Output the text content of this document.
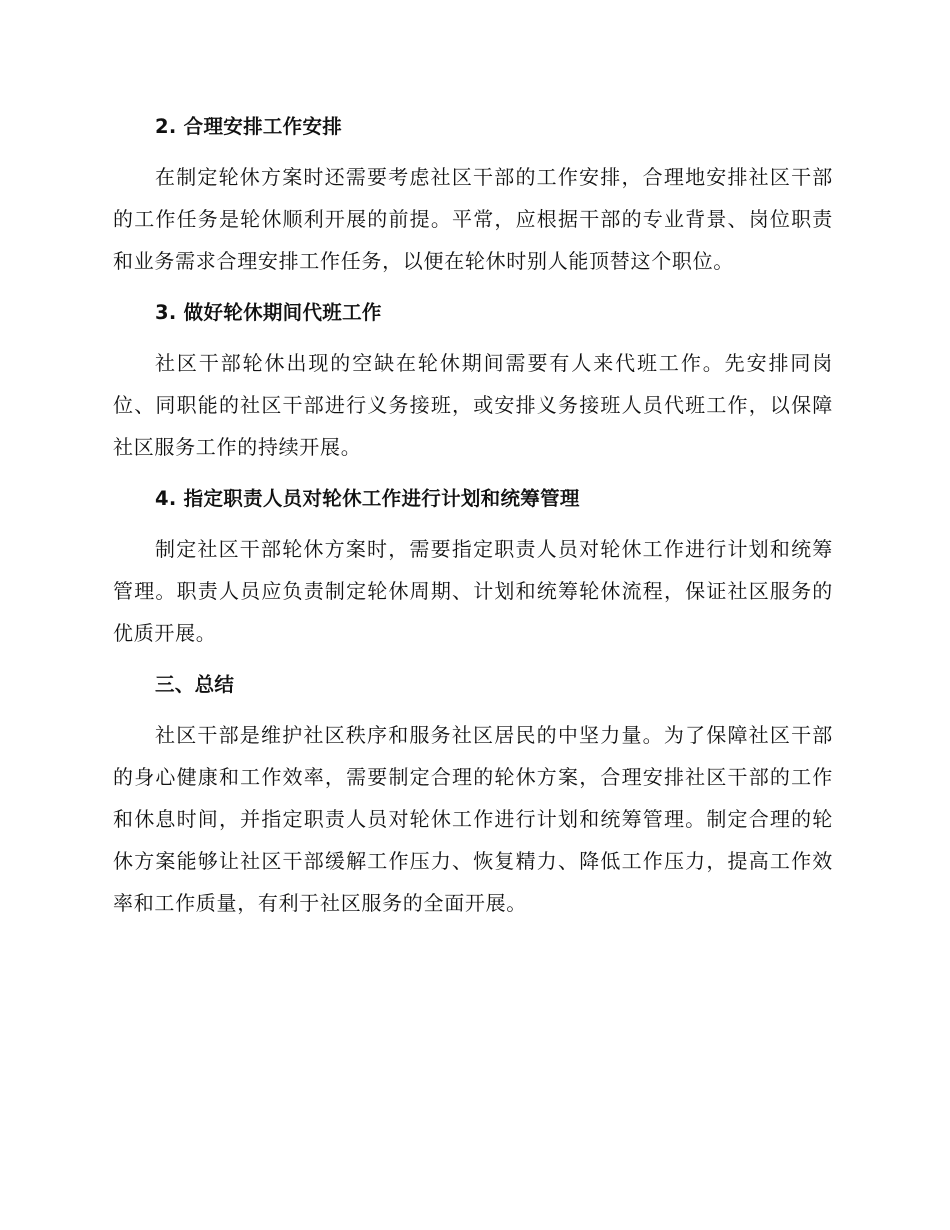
2. 合理安排工作安排

在制定轮休方案时还需要考虑社区干部的工作安排，合理地安排社区干部的工作任务是轮休顺利开展的前提。平常，应根据干部的专业背景、岗位职责和业务需求合理安排工作任务，以便在轮休时别人能顶替这个职位。

3. 做好轮休期间代班工作

社区干部轮休出现的空缺在轮休期间需要有人来代班工作。先安排同岗位、同职能的社区干部进行义务接班，或安排义务接班人员代班工作，以保障社区服务工作的持续开展。

4. 指定职责人员对轮休工作进行计划和统筹管理

制定社区干部轮休方案时，需要指定职责人员对轮休工作进行计划和统筹管理。职责人员应负责制定轮休周期、计划和统筹轮休流程，保证社区服务的优质开展。

三、总结

社区干部是维护社区秩序和服务社区居民的中坚力量。为了保障社区干部的身心健康和工作效率，需要制定合理的轮休方案，合理安排社区干部的工作和休息时间，并指定职责人员对轮休工作进行计划和统筹管理。制定合理的轮休方案能够让社区干部缓解工作压力、恢复精力、降低工作压力，提高工作效率和工作质量，有利于社区服务的全面开展。
